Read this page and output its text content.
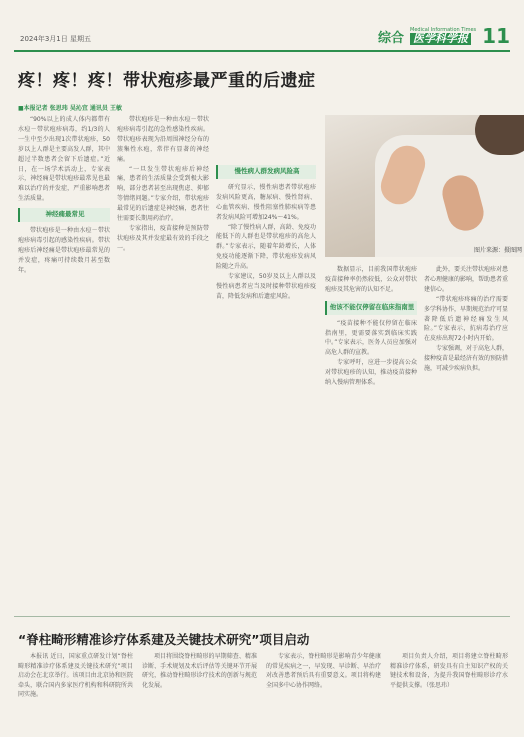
2024年3月1日 星期五	综合
Medical Information Times
医学科学报 11
疼！疼！疼！带状疱疹最严重的后遗症
■本报记者 张思玮 吴沁宜 通讯员 王敏

“90%以上的成人体内都带有水痘－带状疱疹病毒，约1/3的人一生中至少出现1次带状疱疹，50岁以上人群是主要高发人群，其中超过半数患者会留下后遗症。”近日，在一场学术活动上，专家表示，神经痛是带状疱疹最常见也最难以治疗的并发症，严重影响患者生活质量。

神经痛最常见

带状疱疹是一种由水痘－带状疱疹病毒引起的感染性疾病。带状疱疹后神经痛是带状疱疹最常见的并发症，疼痛可持续数月甚至数年。

带状疱疹是一种由水痘－带状疱疹病毒引起的急性感染性疾病。带状疱疹表现为沿周围神经分布的簇集性水疱，常伴有显著的神经痛。

“一旦发生带状疱疹后神经痛，患者的生活质量会受到极大影响，部分患者甚至出现焦虑、抑郁等情绪问题。”专家介绍，带状疱疹最常见的后遗症是神经痛，患者往往需要长期用药治疗。

专家指出，疫苗接种是预防带状疱疹及其并发症最有效的手段之一。

慢性病人群发病风险高

研究显示，慢性病患者带状疱疹发病风险更高，糖尿病、慢性肾病、心血管疾病、慢性阻塞性肺疾病等患者发病风险可增加24%～41%。

“除了慢性病人群，高龄、免疫功能低下的人群也是带状疱疹的高危人群。”专家表示，随着年龄增长，人体免疫功能逐渐下降，带状疱疹发病风险随之升高。

专家建议，50岁及以上人群以及慢性病患者应当及时接种带状疱疹疫苗，降低发病和后遗症风险。

图片来源：摄图网

数据显示，目前我国带状疱疹疫苗接种率仍然较低，公众对带状疱疹及其危害的认知不足。

他该不能仅停留在临床指南里

“疫苗接种不能仅停留在临床指南里，更需要落实到临床实践中。”专家表示，医务人员应加强对高危人群的宣教。

专家呼吁，应进一步提高公众对带状疱疹的认知，推动疫苗接种纳入慢病管理体系。

此外，要关注带状疱疹对患者心理健康的影响，帮助患者重建信心。

“带状疱疹疼痛的治疗需要多学科协作，早期规范治疗可显著降低后遗神经痛发生风险。”专家表示，抗病毒治疗应在皮疹出现72小时内开始。

专家强调，对于高危人群，接种疫苗是最经济有效的预防措施，可减少疾病负担。

“脊柱畸形精准诊疗体系建及关键技术研究”项目启动

本报讯 近日，国家重点研发计划“脊柱畸形精准诊疗体系建及关键技术研究”项目启动会在北京举行。该项目由北京协和医院牵头，联合国内多家医疗机构和科研院所共同实施。

项目将围绕脊柱畸形的早期筛查、精准诊断、手术规划及术后评估等关键环节开展研究，推动脊柱畸形诊疗技术的创新与规范化发展。

专家表示，脊柱畸形是影响青少年健康的常见疾病之一，早发现、早诊断、早治疗对改善患者预后具有重要意义。项目将构建全国多中心协作网络。

项目负责人介绍，项目将建立脊柱畸形精准诊疗体系，研发具有自主知识产权的关键技术和设备，为提升我国脊柱畸形诊疗水平提供支撑。（张思玮）
